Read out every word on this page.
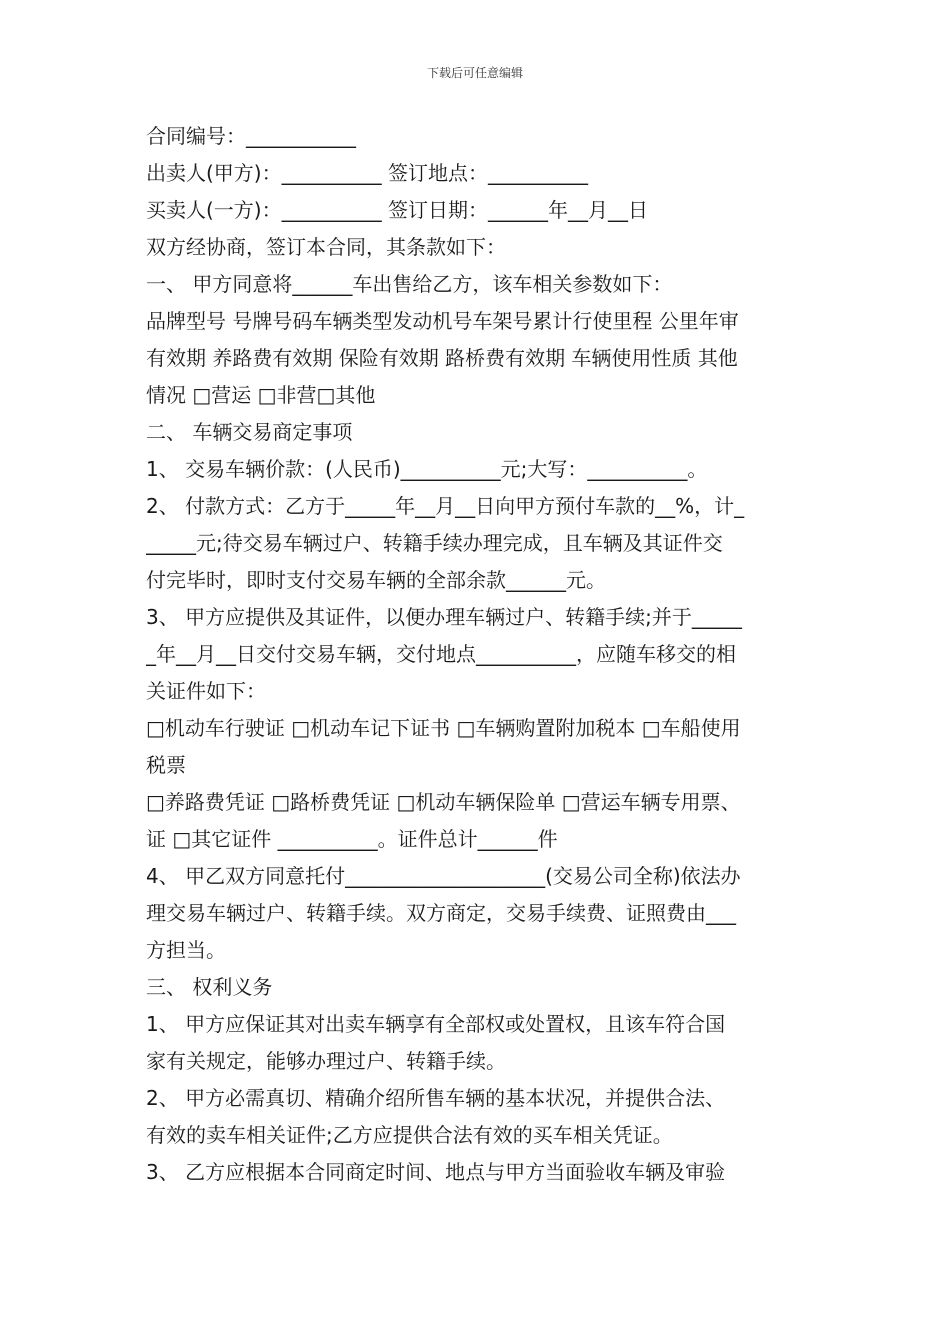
下载后可任意编辑
合同编号：___________
出卖人(甲方)：__________ 签订地点：__________
买卖人(一方)：__________ 签订日期：______年__月__日
双方经协商，签订本合同，其条款如下：
一、 甲方同意将______车出售给乙方，该车相关参数如下：
品牌型号 号牌号码车辆类型发动机号车架号累计行使里程 公里年审
有效期 养路费有效期 保险有效期 路桥费有效期 车辆使用性质 其他
情况 □营运 □非营□其他
二、 车辆交易商定事项
1、 交易车辆价款：(人民币)__________元;大写：__________。
2、 付款方式：乙方于_____年__月__日向甲方预付车款的__%，计_
_____元;待交易车辆过户、转籍手续办理完成，且车辆及其证件交
付完毕时，即时支付交易车辆的全部余款______元。
3、 甲方应提供及其证件，以便办理车辆过户、转籍手续;并于_____
_年__月__日交付交易车辆，交付地点__________，应随车移交的相
关证件如下：
□机动车行驶证 □机动车记下证书 □车辆购置附加税本 □车船使用
税票
□养路费凭证 □路桥费凭证 □机动车辆保险单 □营运车辆专用票、
证 □其它证件 __________。证件总计______件
4、 甲乙双方同意托付____________________(交易公司全称)依法办
理交易车辆过户、转籍手续。双方商定，交易手续费、证照费由___
方担当。
三、 权利义务
1、 甲方应保证其对出卖车辆享有全部权或处置权，且该车符合国
家有关规定，能够办理过户、转籍手续。
2、 甲方必需真切、精确介绍所售车辆的基本状况，并提供合法、
有效的卖车相关证件;乙方应提供合法有效的买车相关凭证。
3、 乙方应根据本合同商定时间、地点与甲方当面验收车辆及审验
